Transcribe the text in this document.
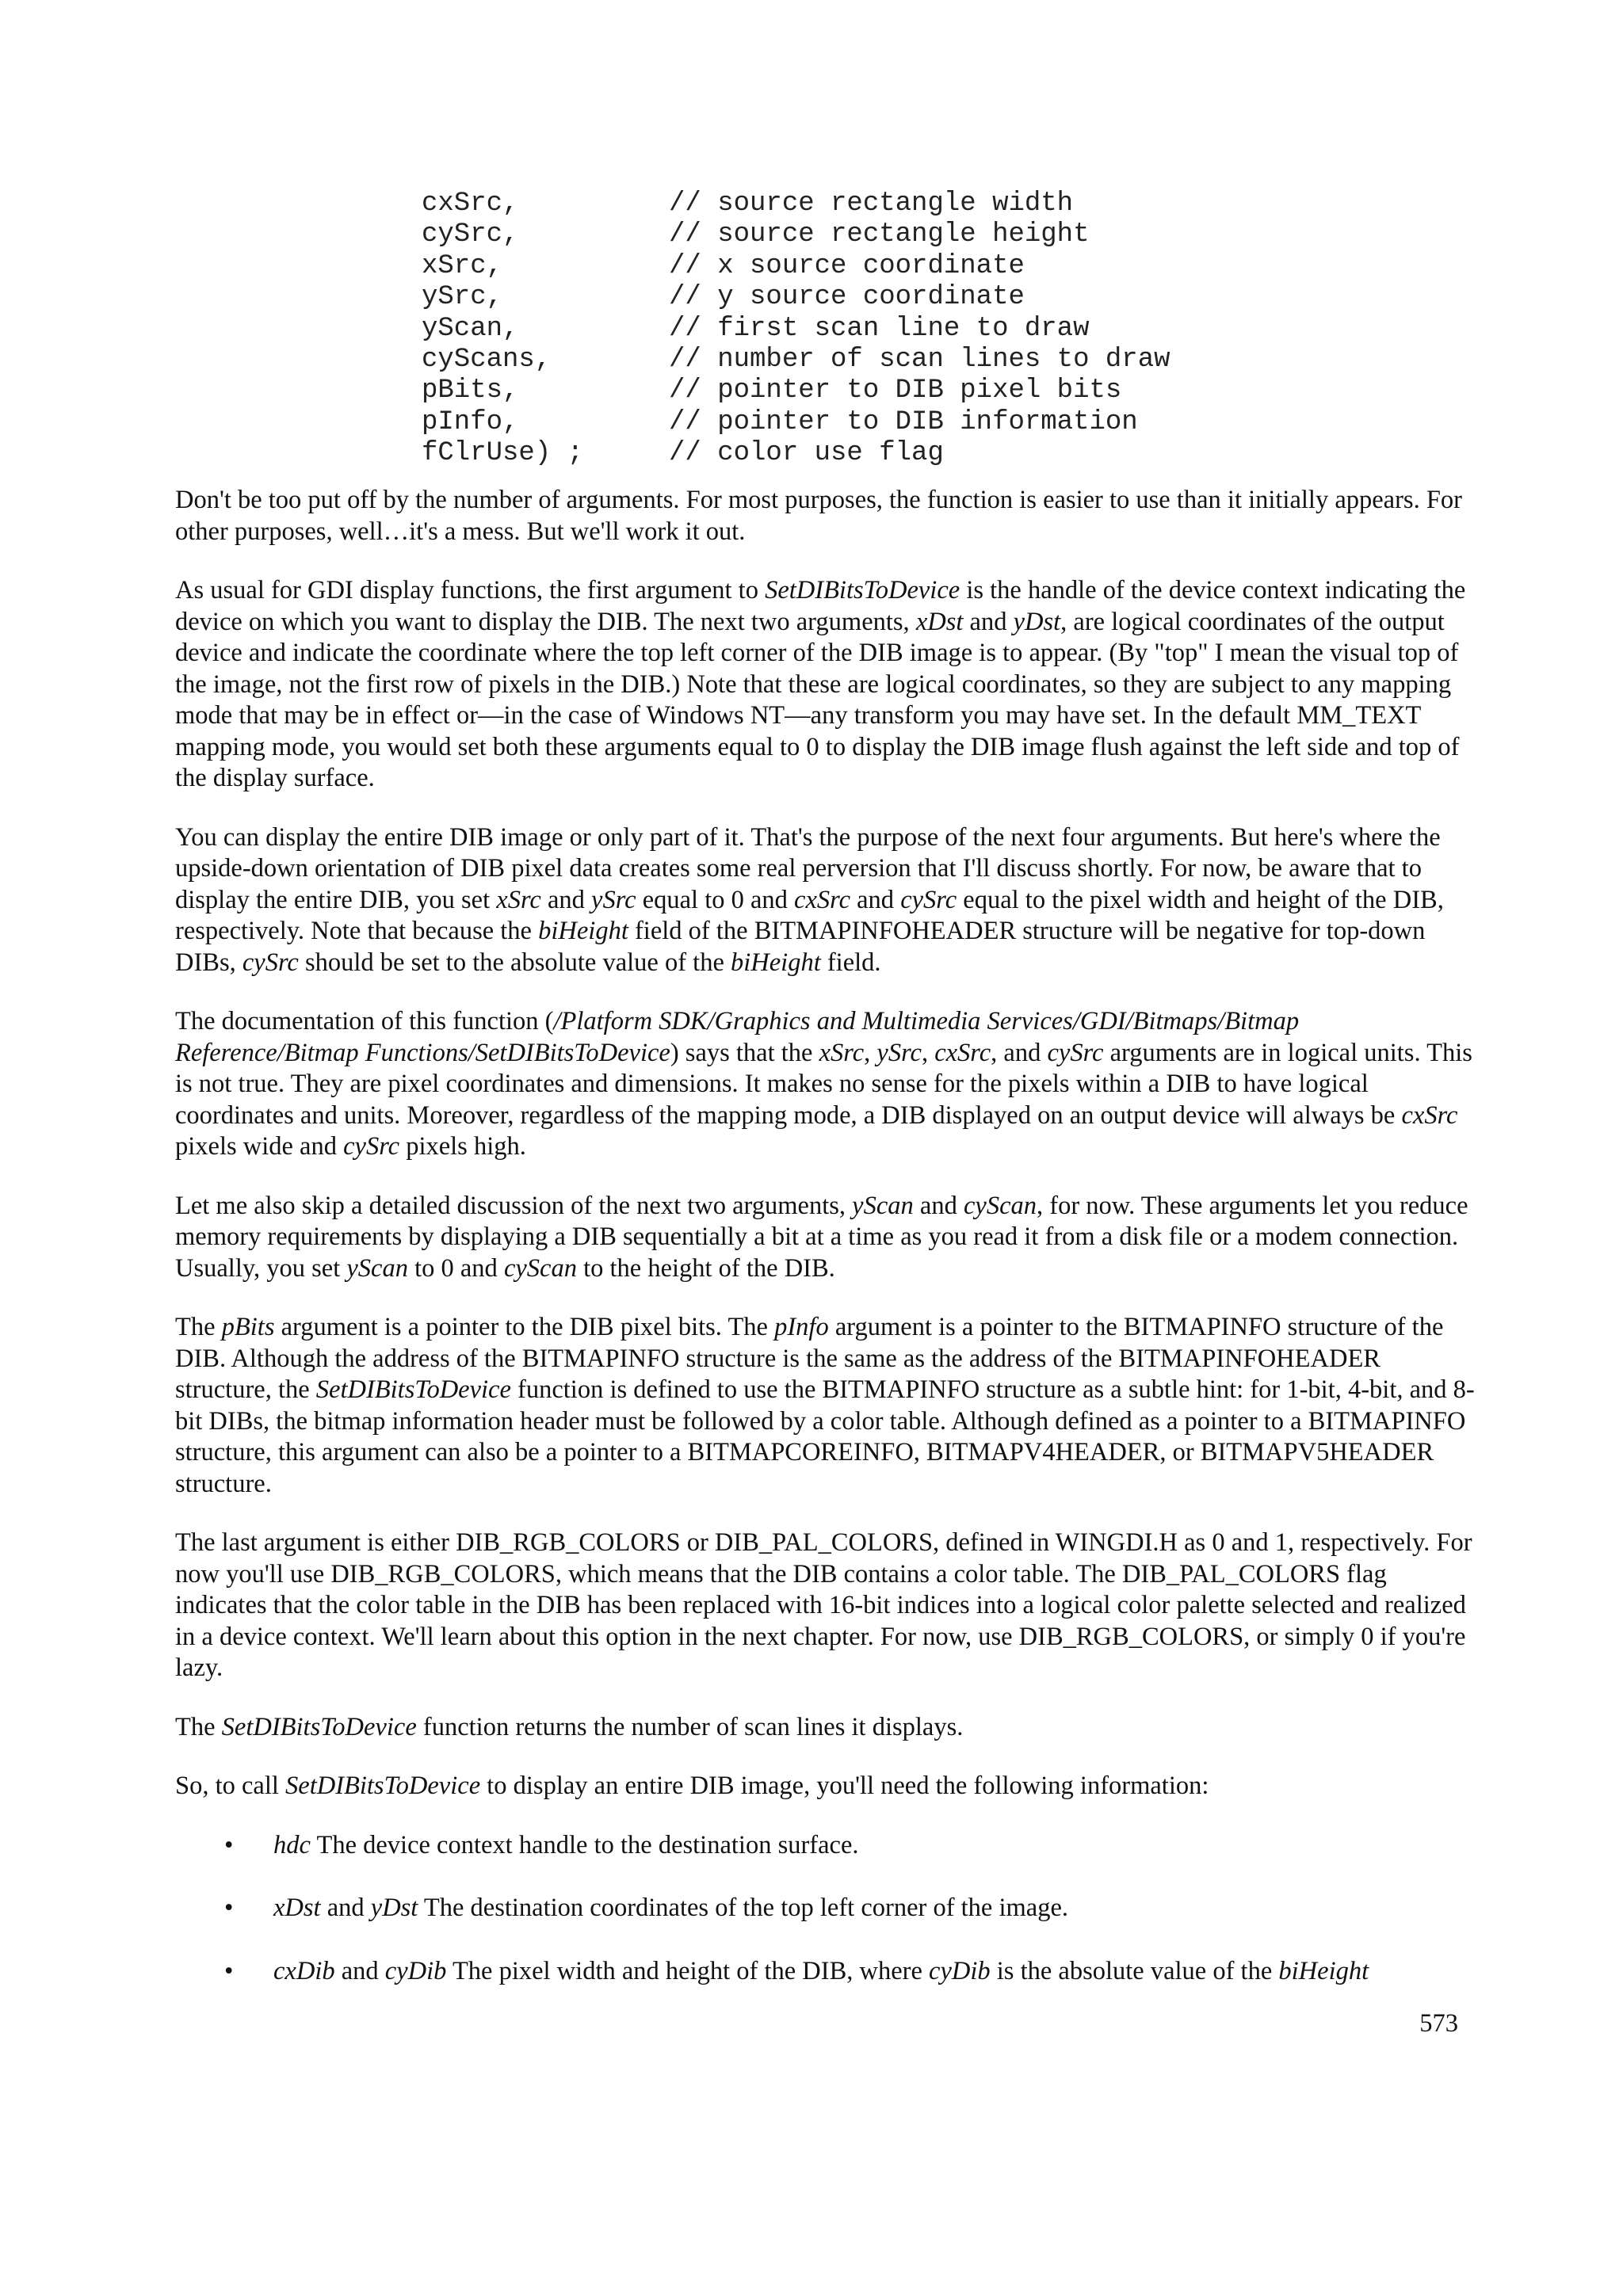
cxSrc,	// source rectangle width
cySrc,	// source rectangle height
xSrc,	// x source coordinate
ySrc,	// y source coordinate
yScan,	// first scan line to draw
cyScans,	// number of scan lines to draw
pBits,	// pointer to DIB pixel bits
pInfo,	// pointer to DIB information
fClrUse) ;	// color use flag

Don't be too put off by the number of arguments. For most purposes, the function is easier to use than it initially appears. For other purposes, well…it's a mess. But we'll work it out.

As usual for GDI display functions, the first argument to SetDIBitsToDevice is the handle of the device context indicating the device on which you want to display the DIB. The next two arguments, xDst and yDst, are logical coordinates of the output device and indicate the coordinate where the top left corner of the DIB image is to appear. (By "top" I mean the visual top of the image, not the first row of pixels in the DIB.) Note that these are logical coordinates, so they are subject to any mapping mode that may be in effect or—in the case of Windows NT—any transform you may have set. In the default MM_TEXT mapping mode, you would set both these arguments equal to 0 to display the DIB image flush against the left side and top of the display surface.

You can display the entire DIB image or only part of it. That's the purpose of the next four arguments. But here's where the upside-down orientation of DIB pixel data creates some real perversion that I'll discuss shortly. For now, be aware that to display the entire DIB, you set xSrc and ySrc equal to 0 and cxSrc and cySrc equal to the pixel width and height of the DIB, respectively. Note that because the biHeight field of the BITMAPINFOHEADER structure will be negative for top-down DIBs, cySrc should be set to the absolute value of the biHeight field.

The documentation of this function (/Platform SDK/Graphics and Multimedia Services/GDI/Bitmaps/Bitmap Reference/Bitmap Functions/SetDIBitsToDevice) says that the xSrc, ySrc, cxSrc, and cySrc arguments are in logical units. This is not true. They are pixel coordinates and dimensions. It makes no sense for the pixels within a DIB to have logical coordinates and units. Moreover, regardless of the mapping mode, a DIB displayed on an output device will always be cxSrc pixels wide and cySrc pixels high.

Let me also skip a detailed discussion of the next two arguments, yScan and cyScan, for now. These arguments let you reduce memory requirements by displaying a DIB sequentially a bit at a time as you read it from a disk file or a modem connection. Usually, you set yScan to 0 and cyScan to the height of the DIB.

The pBits argument is a pointer to the DIB pixel bits. The pInfo argument is a pointer to the BITMAPINFO structure of the DIB. Although the address of the BITMAPINFO structure is the same as the address of the BITMAPINFOHEADER structure, the SetDIBitsToDevice function is defined to use the BITMAPINFO structure as a subtle hint: for 1-bit, 4-bit, and 8-bit DIBs, the bitmap information header must be followed by a color table. Although defined as a pointer to a BITMAPINFO structure, this argument can also be a pointer to a BITMAPCOREINFO, BITMAPV4HEADER, or BITMAPV5HEADER structure.

The last argument is either DIB_RGB_COLORS or DIB_PAL_COLORS, defined in WINGDI.H as 0 and 1, respectively. For now you'll use DIB_RGB_COLORS, which means that the DIB contains a color table. The DIB_PAL_COLORS flag indicates that the color table in the DIB has been replaced with 16-bit indices into a logical color palette selected and realized in a device context. We'll learn about this option in the next chapter. For now, use DIB_RGB_COLORS, or simply 0 if you're lazy.

The SetDIBitsToDevice function returns the number of scan lines it displays.

So, to call SetDIBitsToDevice to display an entire DIB image, you'll need the following information:

• hdc The device context handle to the destination surface.
• xDst and yDst The destination coordinates of the top left corner of the image.
• cxDib and cyDib The pixel width and height of the DIB, where cyDib is the absolute value of the biHeight
573
